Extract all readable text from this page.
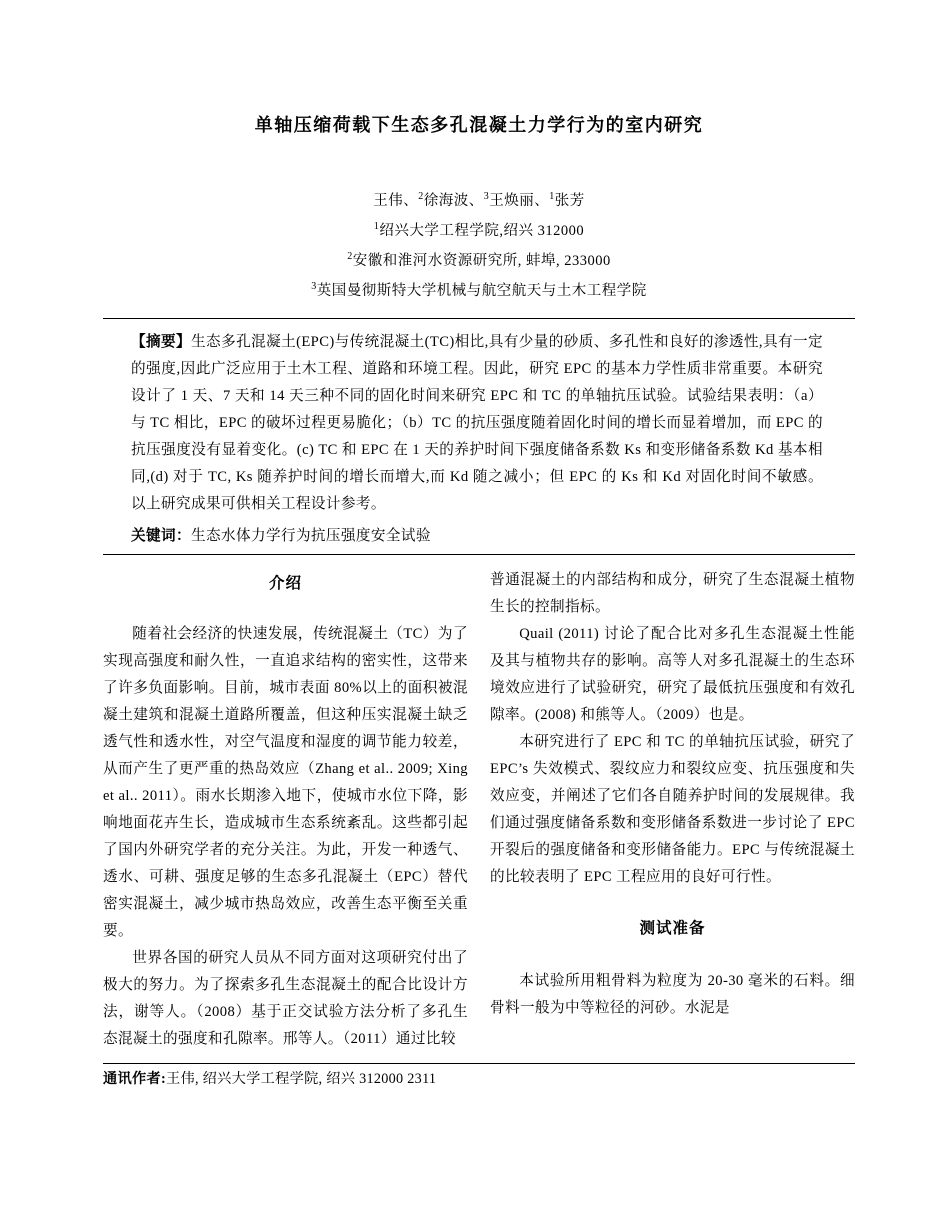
单轴压缩荷载下生态多孔混凝土力学行为的室内研究
王伟、$^2$徐海波、$^3$王焕丽、$^1$张芳
$^1$绍兴大学工程学院,绍兴 312000
$^2$安徽和淮河水资源研究所, 蚌埠, 233000
$^3$英国曼彻斯特大学机械与航空航天与土木工程学院

【摘要】生态多孔混凝土(EPC)与传统混凝土(TC)相比,具有少量的砂质、多孔性和良好的渗透性,具有一定的强度,因此广泛应用于土木工程、道路和环境工程。因此，研究 EPC 的基本力学性质非常重要。本研究设计了 1 天、7 天和 14 天三种不同的固化时间来研究 EPC 和 TC 的单轴抗压试验。试验结果表明：（a）与 TC 相比，EPC 的破坏过程更易脆化；（b）TC 的抗压强度随着固化时间的增长而显着增加，而 EPC 的抗压强度没有显着变化。(c) TC 和 EPC 在 1 天的养护时间下强度储备系数 Ks 和变形储备系数 Kd 基本相同,(d) 对于 TC, Ks 随养护时间的增长而增大,而 Kd 随之减小；但 EPC 的 Ks 和 Kd 对固化时间不敏感。以上研究成果可供相关工程设计参考。

关键词：生态水体力学行为抗压强度安全试验

介绍

随着社会经济的快速发展，传统混凝土（TC）为了实现高强度和耐久性，一直追求结构的密实性，这带来了许多负面影响。目前，城市表面 80%以上的面积被混凝土建筑和混凝土道路所覆盖，但这种压实混凝土缺乏透气性和透水性，对空气温度和湿度的调节能力较差，从而产生了更严重的热岛效应（Zhang et al.. 2009; Xing et al.. 2011）。雨水长期渗入地下，使城市水位下降，影响地面花卉生长，造成城市生态系统紊乱。这些都引起了国内外研究学者的充分关注。为此，开发一种透气、透水、可耕、强度足够的生态多孔混凝土（EPC）替代密实混凝土，减少城市热岛效应，改善生态平衡至关重要。

世界各国的研究人员从不同方面对这项研究付出了极大的努力。为了探索多孔生态混凝土的配合比设计方法，谢等人。（2008）基于正交试验方法分析了多孔生态混凝土的强度和孔隙率。邢等人。（2011）通过比较

普通混凝土的内部结构和成分，研究了生态混凝土植物生长的控制指标。

Quail (2011) 讨论了配合比对多孔生态混凝土性能及其与植物共存的影响。高等人对多孔混凝土的生态环境效应进行了试验研究，研究了最低抗压强度和有效孔隙率。(2008) 和熊等人。（2009）也是。

本研究进行了 EPC 和 TC 的单轴抗压试验，研究了 EPC’s 失效模式、裂纹应力和裂纹应变、抗压强度和失效应变，并阐述了它们各自随养护时间的发展规律。我们通过强度储备系数和变形储备系数进一步讨论了 EPC 开裂后的强度储备和变形储备能力。EPC 与传统混凝土的比较表明了 EPC 工程应用的良好可行性。

测试准备

本试验所用粗骨料为粒度为 20-30 毫米的石料。细骨料一般为中等粒径的河砂。水泥是

通讯作者:王伟, 绍兴大学工程学院, 绍兴 312000 2311
